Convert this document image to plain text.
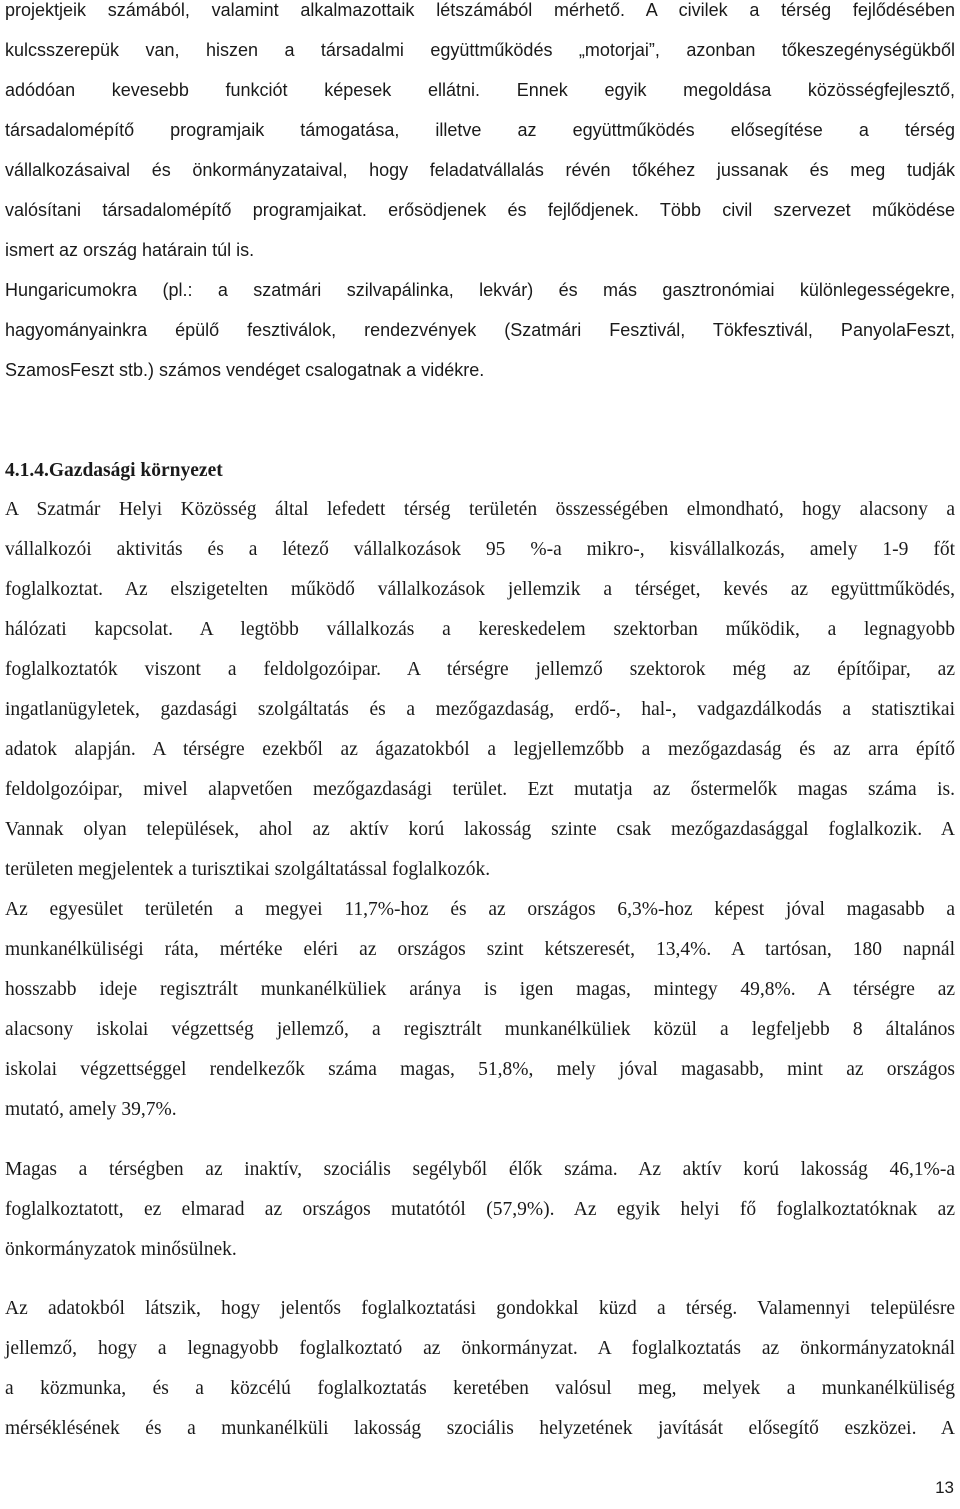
projektjeik számából, valamint alkalmazottaik létszámából mérhető. A civilek a térség fejlődésében
kulcsszerepük van, hiszen a társadalmi együttműködés „motorjai”, azonban tőkeszegénységükből
adódóan kevesebb funkciót képesek ellátni. Ennek egyik megoldása közösségfejlesztő,
társadalomépítő programjaik támogatása, illetve az együttműködés elősegítése a térség
vállalkozásaival és önkormányzataival, hogy feladatvállalás révén tőkéhez jussanak és meg tudják
valósítani társadalomépítő programjaikat. erősödjenek és fejlődjenek. Több civil szervezet működése
ismert az ország határain túl is.
Hungaricumokra (pl.: a szatmári szilvapálinka, lekvár) és más gasztronómiai különlegességekre,
hagyományainkra épülő fesztiválok, rendezvények (Szatmári Fesztivál, Tökfesztivál, PanyolaFeszt,
SzamosFeszt stb.) számos vendéget csalogatnak a vidékre.
4.1.4.Gazdasági környezet
A Szatmár Helyi Közösség által lefedett térség területén összességében elmondható, hogy alacsony a
vállalkozói aktivitás és a létező vállalkozások 95 %-a mikro-, kisvállalkozás, amely 1-9 főt
foglalkoztat. Az elszigetelten működő vállalkozások jellemzik a térséget, kevés az együttműködés,
hálózati kapcsolat. A legtöbb vállalkozás a kereskedelem szektorban működik, a legnagyobb
foglalkoztatók viszont a feldolgozóipar. A térségre jellemző szektorok még az építőipar, az
ingatlanügyletek, gazdasági szolgáltatás és a mezőgazdaság, erdő-, hal-, vadgazdálkodás a statisztikai
adatok alapján. A térségre ezekből az ágazatokból a legjellemzőbb a mezőgazdaság és az arra építő
feldolgozóipar, mivel alapvetően mezőgazdasági terület. Ezt mutatja az őstermelők magas száma is.
Vannak olyan települések, ahol az aktív korú lakosság szinte csak mezőgazdasággal foglalkozik. A
területen megjelentek a turisztikai szolgáltatással foglalkozók.
Az egyesület területén a megyei 11,7%-hoz és az országos 6,3%-hoz képest jóval magasabb a
munkanélküliségi ráta, mértéke eléri az országos szint kétszeresét, 13,4%. A tartósan, 180 napnál
hosszabb ideje regisztrált munkanélküliek aránya is igen magas, mintegy 49,8%. A térségre az
alacsony iskolai végzettség jellemző, a regisztrált munkanélküliek közül a legfeljebb 8 általános
iskolai végzettséggel rendelkezők száma magas, 51,8%, mely jóval magasabb, mint az országos
mutató, amely 39,7%.
Magas a térségben az inaktív, szociális segélyből élők száma. Az aktív korú lakosság 46,1%-a
foglalkoztatott, ez elmarad az országos mutatótól (57,9%). Az egyik helyi fő foglalkoztatóknak az
önkormányzatok minősülnek.
Az adatokból látszik, hogy jelentős foglalkoztatási gondokkal küzd a térség. Valamennyi településre
jellemző, hogy a legnagyobb foglalkoztató az önkormányzat. A foglalkoztatás az önkormányzatoknál
a közmunka, és a közcélú foglalkoztatás keretében valósul meg, melyek a munkanélküliség
mérséklésének és a munkanélküli lakosság szociális helyzetének javítását elősegítő eszközei. A
13
